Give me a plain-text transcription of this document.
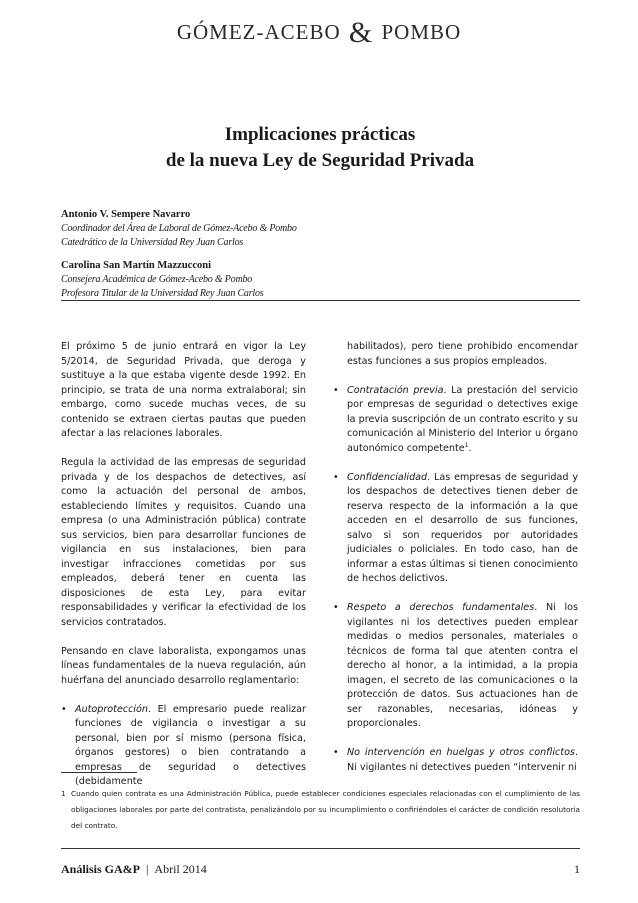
GÓMEZ-ACEBO & POMBO
Implicaciones prácticas
de la nueva Ley de Seguridad Privada
Antonio V. Sempere Navarro
Coordinador del Área de Laboral de Gómez-Acebo & Pombo
Catedrático de la Universidad Rey Juan Carlos
Carolina San Martín Mazzucconi
Consejera Académica de Gómez-Acebo & Pombo
Profesora Titular de la Universidad Rey Juan Carlos

El próximo 5 de junio entrará en vigor la Ley 5/2014, de Seguridad Privada, que deroga y sustituye a la que estaba vigente desde 1992. En principio, se trata de una norma extralaboral; sin embargo, como sucede muchas veces, de su contenido se extraen ciertas pautas que pueden afectar a las relaciones laborales.

Regula la actividad de las empresas de seguridad privada y de los despachos de detectives, así como la actuación del personal de ambos, estableciendo límites y requisitos. Cuando una empresa (o una Administración pública) contrate sus servicios, bien para desarrollar funciones de vigilancia en sus instalaciones, bien para investigar infracciones cometidas por sus empleados, deberá tener en cuenta las disposiciones de esta Ley, para evitar responsabilidades y verificar la efectividad de los servicios contratados.

Pensando en clave laboralista, expongamos unas líneas fundamentales de la nueva regulación, aún huérfana del anunciado desarrollo reglamentario:

• Autoprotección. El empresario puede realizar funciones de vigilancia o investigar a su personal, bien por sí mismo (persona física, órganos gestores) o bien contratando a empresas de seguridad o detectives (debidamente
habilitados), pero tiene prohibido encomendar estas funciones a sus propios empleados.
• Contratación previa. La prestación del servicio por empresas de seguridad o detectives exige la previa suscripción de un contrato escrito y su comunicación al Ministerio del Interior u órgano autonómico competente$^1$.
• Confidencialidad. Las empresas de seguridad y los despachos de detectives tienen deber de reserva respecto de la información a la que acceden en el desarrollo de sus funciones, salvo si son requeridos por autoridades judiciales o policiales. En todo caso, han de informar a estas últimas si tienen conocimiento de hechos delictivos.
• Respeto a derechos fundamentales. Ni los vigilantes ni los detectives pueden emplear medidas o medios personales, materiales o técnicos de forma tal que atenten contra el derecho al honor, a la intimidad, a la propia imagen, el secreto de las comunicaciones o la protección de datos. Sus actuaciones han de ser razonables, necesarias, idóneas y proporcionales.
• No intervención en huelgas y otros conflictos. Ni vigilantes ni detectives pueden “intervenir ni
1 Cuando quien contrata es una Administración Pública, puede establecer condiciones especiales relacionadas con el cumplimiento de las obligaciones laborales por parte del contratista, penalizándolo por su incumplimiento o confiriéndoles el carácter de condición resolutoria del contrato.
Análisis GA&P | Abril 2014	1
